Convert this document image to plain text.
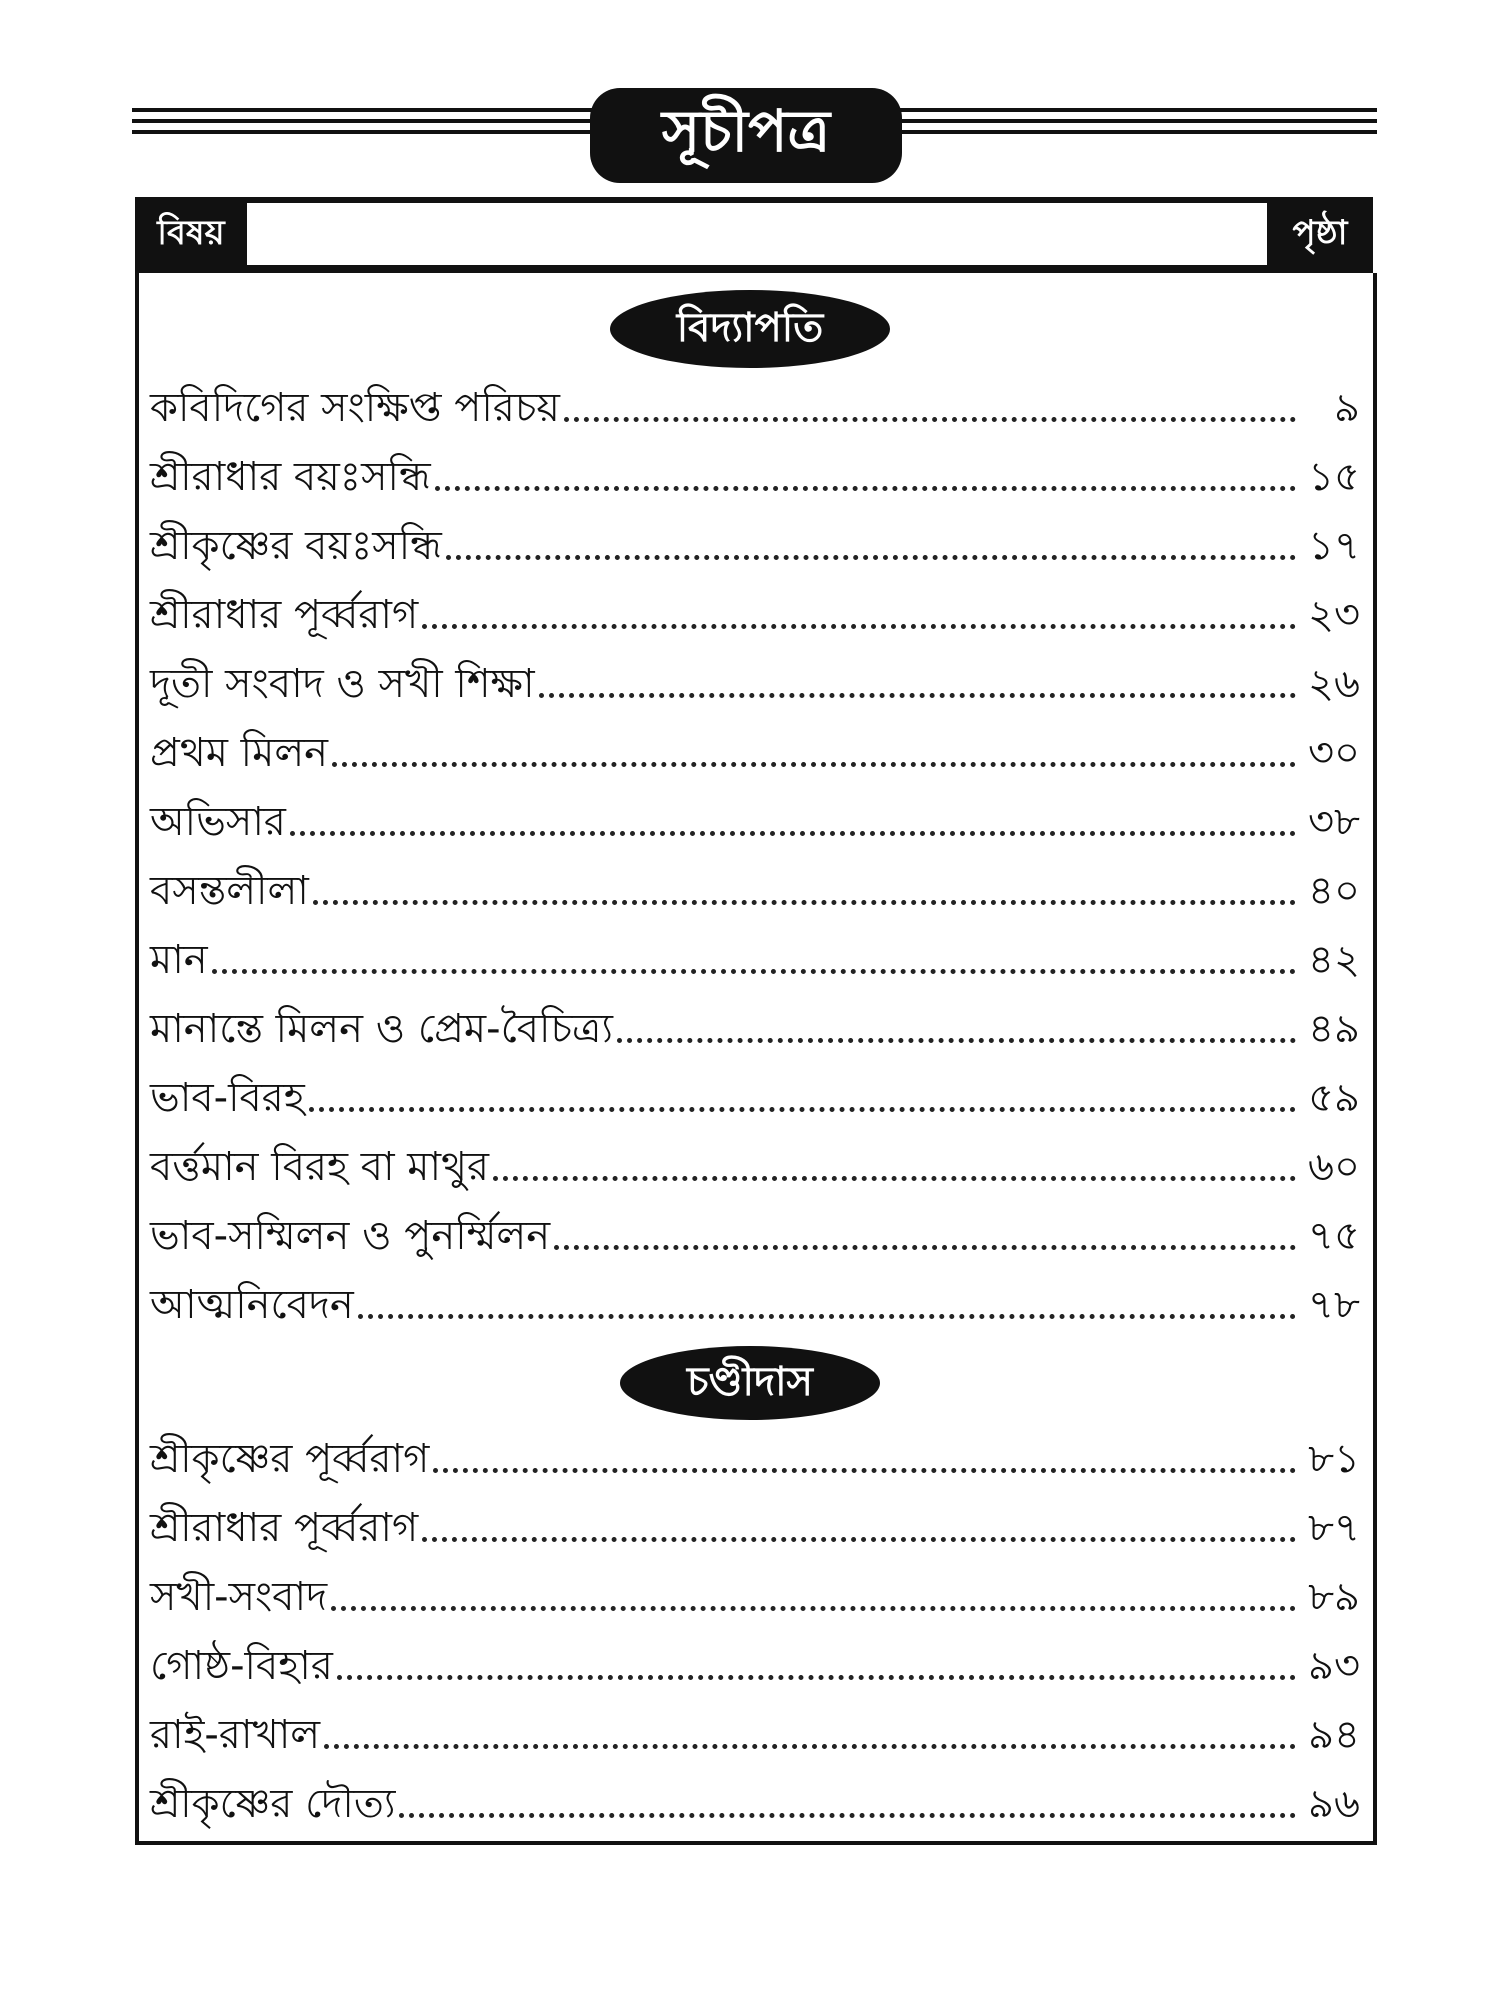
সূচীপত্র
বিষয়	পৃষ্ঠা
বিদ্যাপতি
কবিদিগের সংক্ষিপ্ত পরিচয়	৯
শ্রীরাধার বয়ঃসন্ধি	১৫
শ্রীকৃষ্ণের বয়ঃসন্ধি	১৭
শ্রীরাধার পূর্ব্বরাগ	২৩
দূতী সংবাদ ও সখী শিক্ষা	২৬
প্রথম মিলন	৩০
অভিসার	৩৮
বসন্তলীলা	৪০
মান	৪২
মানান্তে মিলন ও প্রেম-বৈচিত্র্য	৪৯
ভাব-বিরহ	৫৯
বর্ত্তমান বিরহ বা মাথুর	৬০
ভাব-সম্মিলন ও পুনর্ম্মিলন	৭৫
আত্মনিবেদন	৭৮
চণ্ডীদাস
শ্রীকৃষ্ণের পূর্ব্বরাগ	৮১
শ্রীরাধার পূর্ব্বরাগ	৮৭
সখী-সংবাদ	৮৯
গোষ্ঠ-বিহার	৯৩
রাই-রাখাল	৯৪
শ্রীকৃষ্ণের দৌত্য	৯৬
